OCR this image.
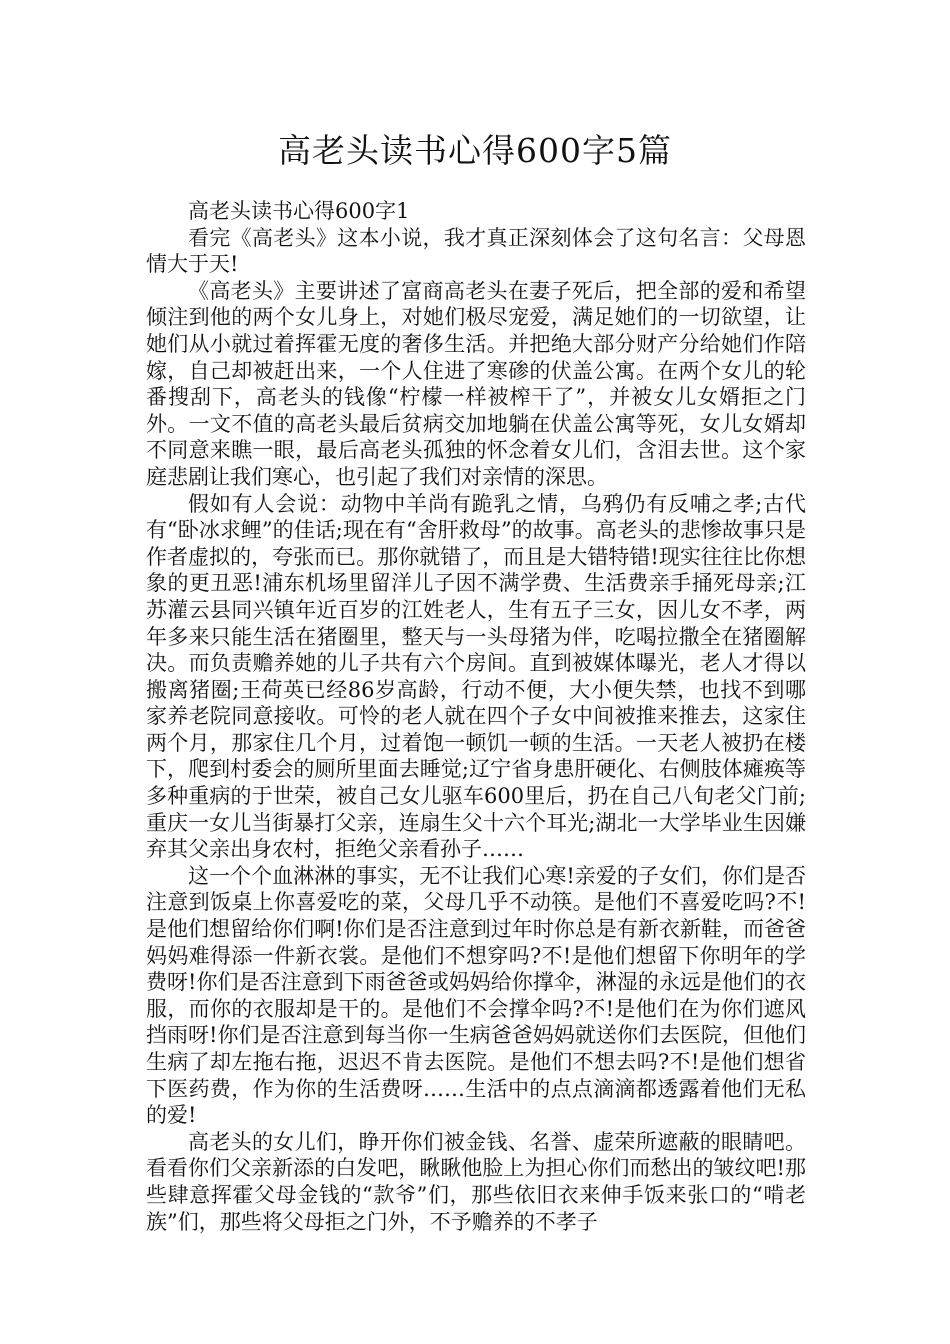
高老头读书心得600字5篇

高老头读书心得600字1

看完《高老头》这本小说，我才真正深刻体会了这句名言：父母恩情大于天!

《高老头》主要讲述了富商高老头在妻子死后，把全部的爱和希望倾注到他的两个女儿身上，对她们极尽宠爱，满足她们的一切欲望，让她们从小就过着挥霍无度的奢侈生活。并把绝大部分财产分给她们作陪嫁，自己却被赶出来，一个人住进了寒碜的伏盖公寓。在两个女儿的轮番搜刮下，高老头的钱像“柠檬一样被榨干了”，并被女儿女婿拒之门外。一文不值的高老头最后贫病交加地躺在伏盖公寓等死，女儿女婿却不同意来瞧一眼，最后高老头孤独的怀念着女儿们，含泪去世。这个家庭悲剧让我们寒心，也引起了我们对亲情的深思。

假如有人会说：动物中羊尚有跪乳之情，乌鸦仍有反哺之孝;古代有“卧冰求鲤”的佳话;现在有“舍肝救母”的故事。高老头的悲惨故事只是作者虚拟的，夸张而已。那你就错了，而且是大错特错!现实往往比你想象的更丑恶!浦东机场里留洋儿子因不满学费、生活费亲手捅死母亲;江苏灌云县同兴镇年近百岁的江姓老人，生有五子三女，因儿女不孝，两年多来只能生活在猪圈里，整天与一头母猪为伴，吃喝拉撒全在猪圈解决。而负责赡养她的儿子共有六个房间。直到被媒体曝光，老人才得以搬离猪圈;王荷英已经86岁高龄，行动不便，大小便失禁，也找不到哪家养老院同意接收。可怜的老人就在四个子女中间被推来推去，这家住两个月，那家住几个月，过着饱一顿饥一顿的生活。一天老人被扔在楼下，爬到村委会的厕所里面去睡觉;辽宁省身患肝硬化、右侧肢体瘫痪等多种重病的于世荣，被自己女儿驱车600里后，扔在自己八旬老父门前;重庆一女儿当街暴打父亲，连扇生父十六个耳光;湖北一大学毕业生因嫌弃其父亲出身农村，拒绝父亲看孙子……

这一个个血淋淋的事实，无不让我们心寒!亲爱的子女们，你们是否注意到饭桌上你喜爱吃的菜，父母几乎不动筷。是他们不喜爱吃吗?不!是他们想留给你们啊!你们是否注意到过年时你总是有新衣新鞋，而爸爸妈妈难得添一件新衣裳。是他们不想穿吗?不!是他们想留下你明年的学费呀!你们是否注意到下雨爸爸或妈妈给你撑伞，淋湿的永远是他们的衣服，而你的衣服却是干的。是他们不会撑伞吗?不!是他们在为你们遮风挡雨呀!你们是否注意到每当你一生病爸爸妈妈就送你们去医院，但他们生病了却左拖右拖，迟迟不肯去医院。是他们不想去吗?不!是他们想省下医药费，作为你的生活费呀……生活中的点点滴滴都透露着他们无私的爱!

高老头的女儿们，睁开你们被金钱、名誉、虚荣所遮蔽的眼睛吧。看看你们父亲新添的白发吧，瞅瞅他脸上为担心你们而愁出的皱纹吧!那些肆意挥霍父母金钱的“款爷”们，那些依旧衣来伸手饭来张口的“啃老族”们，那些将父母拒之门外，不予赡养的不孝子
